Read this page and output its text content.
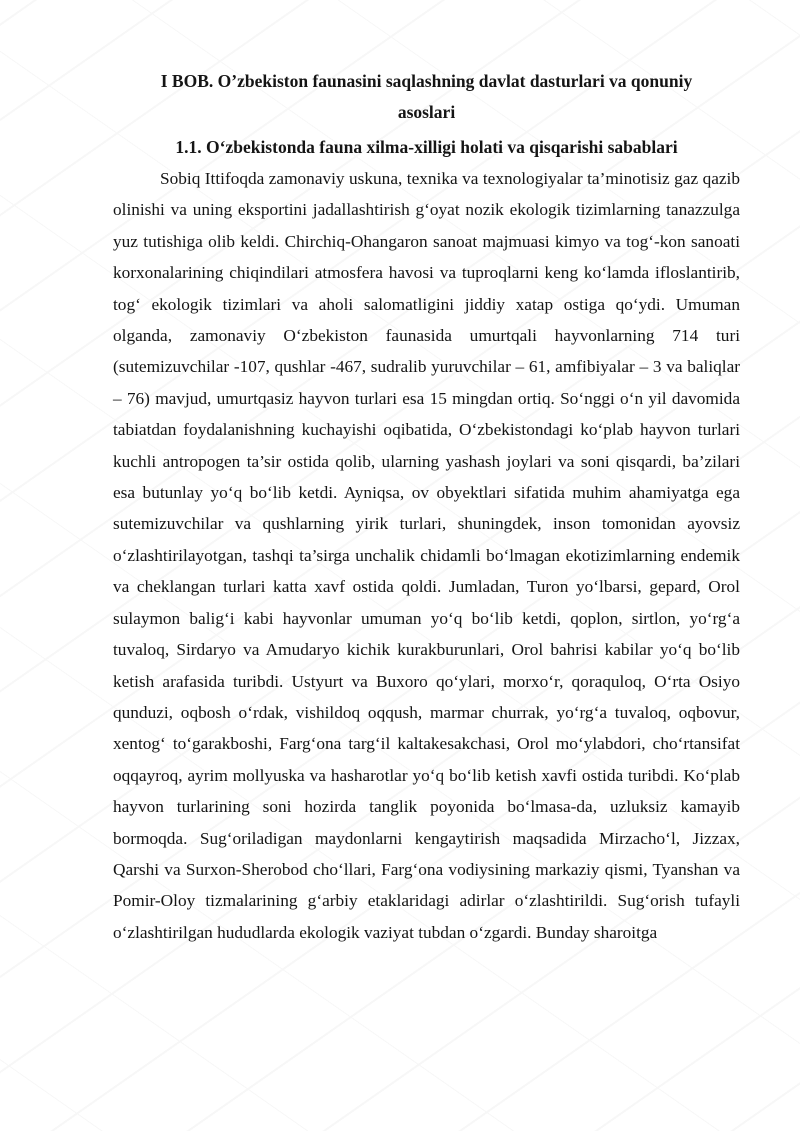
I BOB. O’zbekiston faunasini saqlashning davlat dasturlari va qonuniy asoslari
1.1. O‘zbekistonda fauna xilma-xilligi holati va qisqarishi sabablari

Sobiq Ittifoqda zamonaviy uskuna, texnika va texnologiyalar ta’minotisiz gaz qazib olinishi va uning eksportini jadallashtirish g‘oyat nozik ekologik tizimlarning tanazzulga yuz tutishiga olib keldi. Chirchiq-Ohangaron sanoat majmuasi kimyo va tog‘-kon sanoati korxonalarining chiqindilari atmosfera havosi va tuproqlarni keng ko‘lamda ifloslantirib, tog‘ ekologik tizimlari va aholi salomatligini jiddiy xatap ostiga qo‘ydi. Umuman olganda, zamonaviy O‘zbekiston faunasida umurtqali hayvonlarning 714 turi (sutemizuvchilar -107, qushlar -467, sudralib yuruvchilar – 61, amfibiyalar – 3 va baliqlar – 76) mavjud, umurtqasiz hayvon turlari esa 15 mingdan ortiq. So‘nggi o‘n yil davomida tabiatdan foydalanishning kuchayishi oqibatida, O‘zbekistondagi ko‘plab hayvon turlari kuchli antropogen ta’sir ostida qolib, ularning yashash joylari va soni qisqardi, ba’zilari esa butunlay yo‘q bo‘lib ketdi. Ayniqsa, ov obyektlari sifatida muhim ahamiyatga ega sutemizuvchilar va qushlarning yirik turlari, shuningdek, inson tomonidan ayovsiz o‘zlashtirilayotgan, tashqi ta’sirga unchalik chidamli bo‘lmagan ekotizimlarning endemik va cheklangan turlari katta xavf ostida qoldi. Jumladan, Turon yo‘lbarsi, gepard, Orol sulaymon balig‘i kabi hayvonlar umuman yo‘q bo‘lib ketdi, qoplon, sirtlon, yo‘rg‘a tuvaloq, Sirdaryo va Amudaryo kichik kurakburunlari, Orol bahrisi kabilar yo‘q bo‘lib ketish arafasida turibdi. Ustyurt va Buxoro qo‘ylari, morxo‘r, qoraquloq, O‘rta Osiyo qunduzi, oqbosh o‘rdak, vishildoq oqqush, marmar churrak, yo‘rg‘a tuvaloq, oqbovur, xentog‘ to‘garakboshi, Farg‘ona targ‘il kaltakesakchasi, Orol mo‘ylabdori, cho‘rtansifat oqqayroq, ayrim mollyuska va hasharotlar yo‘q bo‘lib ketish xavfi ostida turibdi. Ko‘plab hayvon turlarining soni hozirda tanglik poyonida bo‘lmasa-da, uzluksiz kamayib bormoqda. Sug‘oriladigan maydonlarni kengaytirish maqsadida Mirzacho‘l, Jizzax, Qarshi va Surxon-Sherobod cho‘llari, Farg‘ona vodiysining markaziy qismi, Tyanshan va Pomir-Oloy tizmalarining g‘arbiy etaklaridagi adirlar o‘zlashtirildi. Sug‘orish tufayli o‘zlashtirilgan hududlarda ekologik vaziyat tubdan o‘zgardi. Bunday sharoitga
